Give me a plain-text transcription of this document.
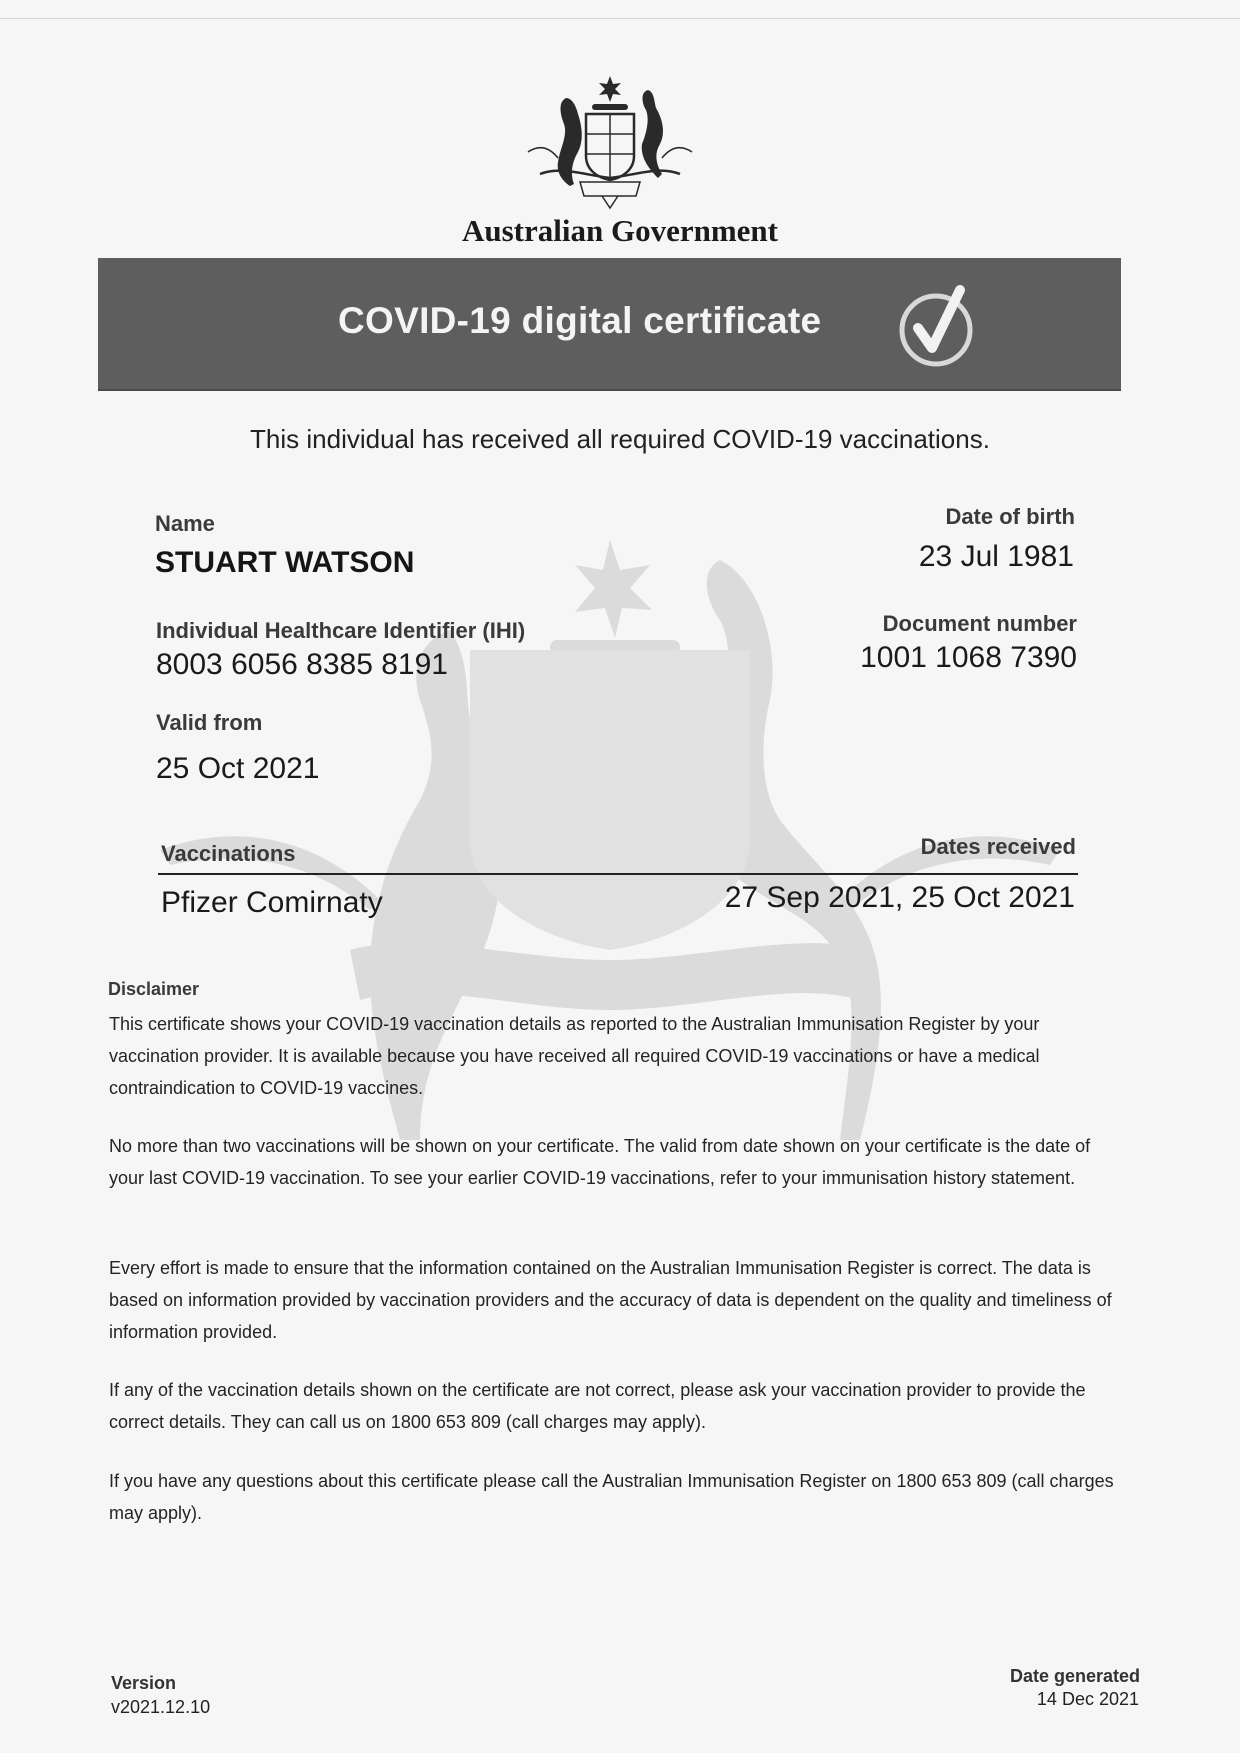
Australian Government
COVID-19 digital certificate
This individual has received all required COVID-19 vaccinations.
Name
STUART WATSON
Date of birth
23 Jul 1981
Individual Healthcare Identifier (IHI)
8003 6056 8385 8191
Document number
1001 1068 7390
Valid from
25 Oct 2021
Vaccinations	Dates received
Pfizer Comirnaty	27 Sep 2021, 25 Oct 2021
Disclaimer
This certificate shows your COVID-19 vaccination details as reported to the Australian Immunisation Register by your vaccination provider. It is available because you have received all required COVID-19 vaccinations or have a medical contraindication to COVID-19 vaccines.
No more than two vaccinations will be shown on your certificate. The valid from date shown on your certificate is the date of your last COVID-19 vaccination. To see your earlier COVID-19 vaccinations, refer to your immunisation history statement.
Every effort is made to ensure that the information contained on the Australian Immunisation Register is correct. The data is based on information provided by vaccination providers and the accuracy of data is dependent on the quality and timeliness of information provided.
If any of the vaccination details shown on the certificate are not correct, please ask your vaccination provider to provide the correct details. They can call us on 1800 653 809 (call charges may apply).
If you have any questions about this certificate please call the Australian Immunisation Register on 1800 653 809 (call charges may apply).
Version
v2021.12.10
Date generated
14 Dec 2021
